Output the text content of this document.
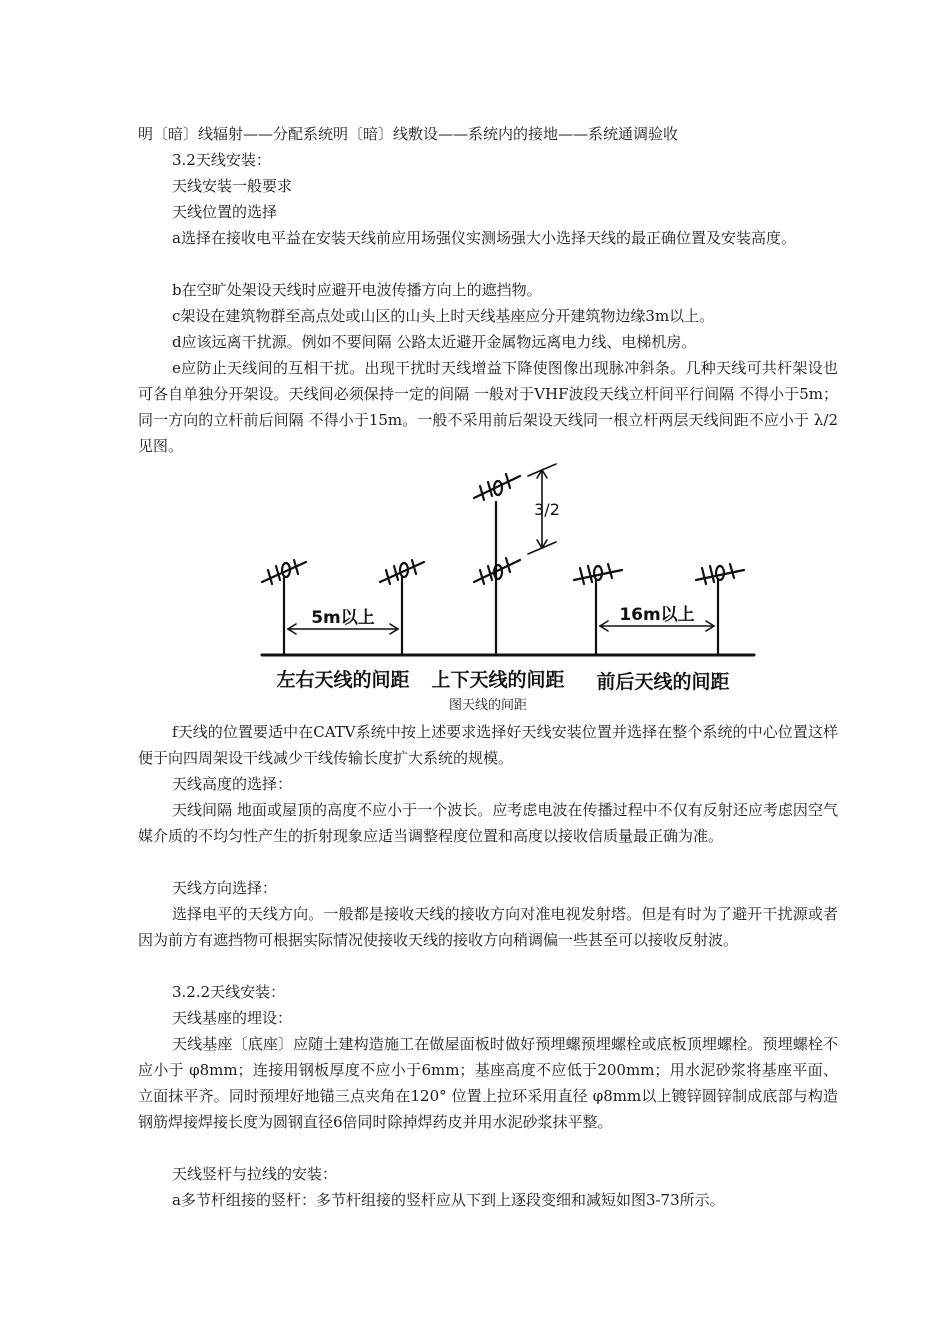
明〔暗〕线辐射——分配系统明〔暗〕线敷设——系统内的接地——系统通调验收

3.2天线安装：

天线安装一般要求

天线位置的选择

a选择在接收电平益在安装天线前应用场强仪实测场强大小选择天线的最正确位置及安装高度。

b在空旷处架设天线时应避开电波传播方向上的遮挡物。

c架设在建筑物群至高点处或山区的山头上时天线基座应分开建筑物边缘3m以上。

d应该远离干扰源。例如不要间隔 公路太近避开金属物远离电力线、电梯机房。

e应防止天线间的互相干扰。出现干扰时天线增益下降使图像出现脉冲斜条。几种天线可共杆架设也可各自单独分开架设。天线间必须保持一定的间隔 一般对于VHF波段天线立杆间平行间隔 不得小于5m；同一方向的立杆前后间隔 不得小于15m。一般不采用前后架设天线同一根立杆两层天线间距不应小于 λ/2见图。

5m以上
3/2
16m以上
左右天线的间距 上下天线的间距 前后天线的间距
图天线的间距

f天线的位置要适中在CATV系统中按上述要求选择好天线安装位置并选择在整个系统的中心位置这样便于向四周架设干线减少干线传输长度扩大系统的规模。

天线高度的选择：

天线间隔 地面或屋顶的高度不应小于一个波长。应考虑电波在传播过程中不仅有反射还应考虑因空气媒介质的不均匀性产生的折射现象应适当调整程度位置和高度以接收信质量最正确为准。

天线方向选择：

选择电平的天线方向。一般都是接收天线的接收方向对准电视发射塔。但是有时为了避开干扰源或者因为前方有遮挡物可根据实际情况使接收天线的接收方向稍调偏一些甚至可以接收反射波。

3.2.2天线安装：

天线基座的埋设：

天线基座〔底座〕应随土建构造施工在做屋面板时做好预埋螺预埋螺栓或底板顶埋螺栓。预埋螺栓不应小于 φ8mm；连接用钢板厚度不应小于6mm；基座高度不应低于200mm；用水泥砂浆将基座平面、立面抹平齐。同时预埋好地锚三点夹角在120° 位置上拉环采用直径 φ8mm以上镀锌圆锌制成底部与构造钢筋焊接焊接长度为圆钢直径6倍同时除掉焊药皮并用水泥砂浆抹平整。

天线竖杆与拉线的安装：

a多节杆组接的竖杆：多节杆组接的竖杆应从下到上逐段变细和减短如图3-73所示。
